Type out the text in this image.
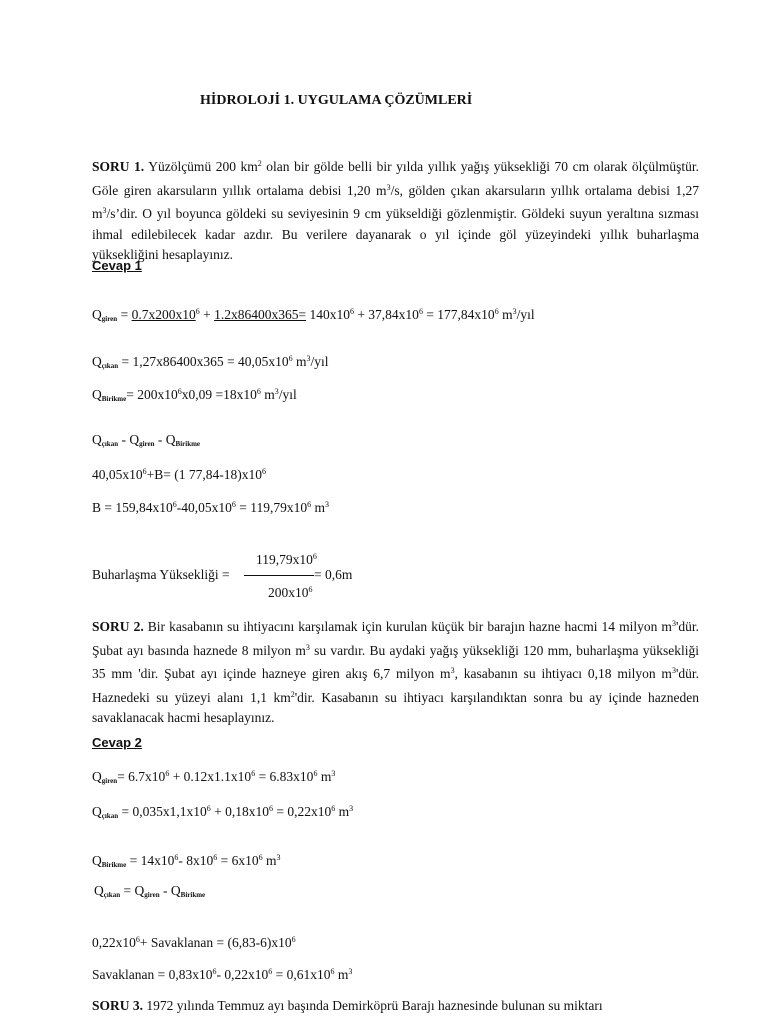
HİDROLOJİ 1. UYGULAMA ÇÖZÜMLERİ
SORU 1. Yüzölçümü 200 $km^2$ olan bir gölde belli bir yılda yıllık yağış yüksekliği 70 cm olarak ölçülmüştür. Göle giren akarsuların yıllık ortalama debisi 1,20 $m^3/s$, gölden çıkan akarsuların yıllık ortalama debisi 1,27 $m^3/s’dir$. O yıl boyunca göldeki su seviyesinin 9 cm yükseldiği gözlenmiştir. Göldeki suyun yeraltına sızması ihmal edilebilecek kadar azdır. Bu verilere dayanarak o yıl içinde göl yüzeyindeki yıllık buharlaşma yüksekliğini hesaplayınız.
Cevap 1
$Q_{giren} = 0.7x200x10^6 + 1.2x86400x365= 140x10^6 + 37,84x10^6 = 177,84x10^6$ $m^3$/yıl
$Q_{çıkan} = 1,27x86400x365 = 40,05x10^6$ $m^3$/yıl
$Q_{Birikme}= 200x10^6x0,09 =18x10^6$ $m^3$/yıl
$Q_{çıkan} - Q_{giren} - Q_{Birikme}$
$40,05x10^6+B= (1$ $77,84-18)x10^6$
$B = 159,84x10^6-40,05x10^6 = 119,79x10^6$ $m^3$
Buharlaşma Yüksekliği =
$119,79x10^6$
$200x10^6$
= 0,6m
SORU 2. Bir kasabanın su ihtiyacını karşılamak için kurulan küçük bir barajın hazne hacmi 14 milyon $m^3'dür$. Şubat ayı basında haznede 8 milyon $m^3$ su vardır. Bu aydaki yağış yüksekliği 120 mm, buharlaşma yüksekliği 35 mm 'dir. Şubat ayı içinde hazneye giren akış 6,7 milyon $m^3$, kasabanın su ihtiyacı 0,18 milyon $m^3'dür$. Haznedeki su yüzeyi alanı 1,1 $km^2'dir$. Kasabanın su ihtiyacı karşılandıktan sonra bu ay içinde hazneden savaklanacak hacmi hesaplayınız.
Cevap 2
$Q_{giren}= 6.7x10^6 + 0.12x1.1x10^6 = 6.83x10^6$ $m^3$
$Q_{çıkan} = 0,035x1,1x10^6 + 0,18x10^6 = 0,22x10^6$ $m^3$
$Q_{Birikme} = 14x10^6-$ $8x10^6 = 6x10^6$ $m^3$
$Q_{çıkan} = Q_{giren} - Q_{Birikme}$
$0,22x10^6+$ Savaklanan = $(6,83-6)x10^6$
Savaklanan = $0,83x10^6-$ $0,22x10^6 = 0,61x10^6$ $m^3$
SORU 3. 1972 yılında Temmuz ayı başında Demirköprü Barajı haznesinde bulunan su miktarı
